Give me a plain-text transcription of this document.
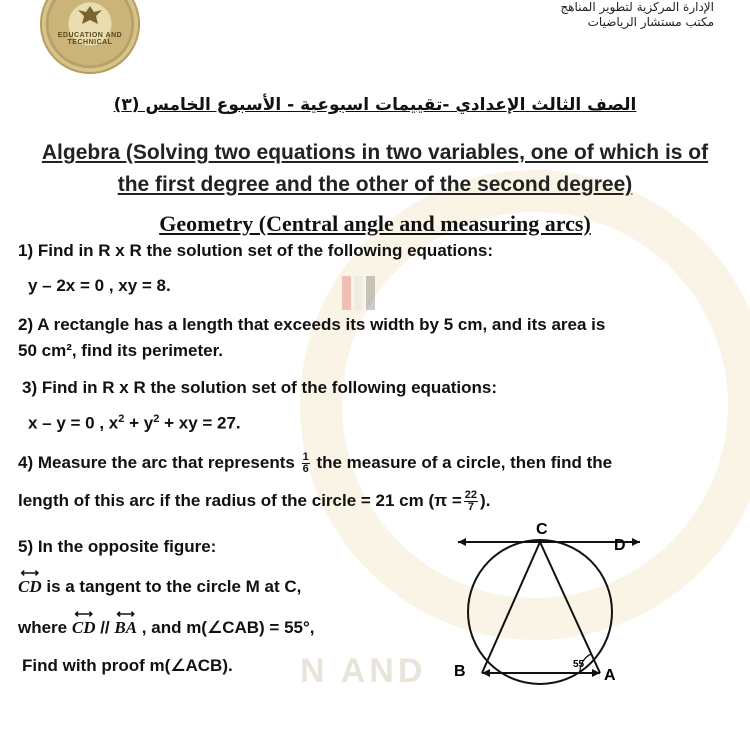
N AND
EDUCATION AND TECHNICAL
الإدارة المركزية لتطوير المناهج
مكتب مستشار الرياضيات
الصف الثالث الإعدادي -تقييمات اسبوعية - الأسبوع الخامس (٣)
Algebra (Solving two equations in two variables, one of which is of
the first degree and the other of the second degree)
Geometry (Central angle and measuring arcs)
1) Find in R x R the solution set of the following equations:
y – 2x = 0 , xy = 8.
2) A rectangle has a length that exceeds its width by 5 cm, and its area is
50 cm², find its perimeter.
3) Find in R x R the solution set of the following equations:
x – y = 0 , $x^2 + y^2$ + xy = 27.
4) Measure the arc that represents $\frac{1}{6}$ the measure of a circle, then find the
length of this arc if the radius of the circle = 21 cm ($\pi = \frac{22}{7}$ ).
5) In the opposite figure:
⟷ CD is a tangent to the circle M at C,
where ⟷ CD // ⟷ BA , and m(∠CAB) = 55°,
Find with proof m(∠ACB).
C
D
B	A
55
